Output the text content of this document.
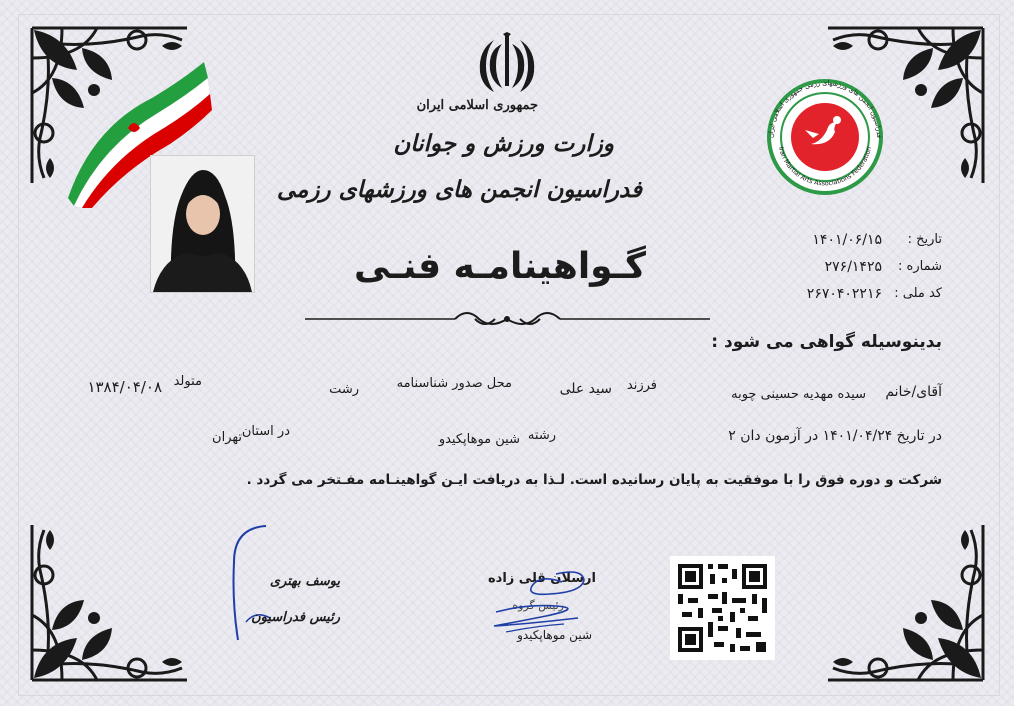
جمهوری اسلامی ایران
وزارت ورزش و جوانان
فدراسیون انجمن های ورزشهای رزمی
فدراسیون انجمن های ورزشهای رزمی جمهوری اسلامی ایران
Iran Martial Arts Associations Federation
تاریخ :
۱۴۰۱/۰۶/۱۵
شماره :
۲۷۶/۱۴۲۵
کد ملی :
۲۶۷۰۴۰۲۲۱۶
گـواهینامـه فنـی
بدینوسیله گواهی می شود :
آقای/خانم
سیده مهدیه حسینی چوبه
فرزند
سید علی
محل صدور شناسنامه
رشت
متولد
۱۳۸۴/۰۴/۰۸
در تاریخ ۱۴۰۱/۰۴/۲۴ در آزمون دان ۲
رشته
شین موهاپکیدو
در استان
تهران
شرکت و دوره فوق را با موفقیت به پایان رسانیده است. لـذا به دریافت ایـن گواهینـامه مفـتخر می گردد .
یوسف بهتری
رئیس فدراسیون
ارسلان قلی زاده
رئیس گروه
شین موهاپکیدو
